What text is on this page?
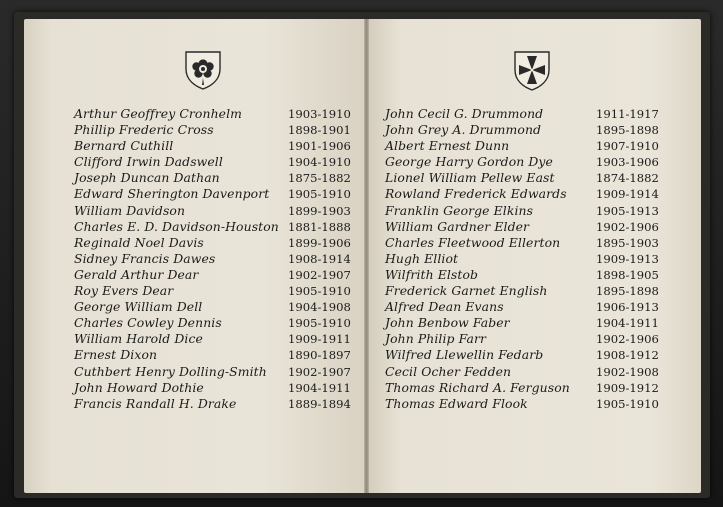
Arthur Geoffrey Cronhelm	1903-1910
Phillip Frederic Cross	1898-1901
Bernard Cuthill	1901-1906
Clifford Irwin Dadswell	1904-1910
Joseph Duncan Dathan	1875-1882
Edward Sherington Davenport 1905-1910
William Davidson	1899-1903
Charles E. D. Davidson-Houston 1881-1888
Reginald Noel Davis	1899-1906
Sidney Francis Dawes	1908-1914
Gerald Arthur Dear	1902-1907
Roy Evers Dear	1905-1910
George William Dell	1904-1908
Charles Cowley Dennis	1905-1910
William Harold Dice	1909-1911
Ernest Dixon	1890-1897
Cuthbert Henry Dolling-Smith 1902-1907
John Howard Dothie	1904-1911
Francis Randall H. Drake	1889-1894
John Cecil G. Drummond	1911-1917
John Grey A. Drummond	1895-1898
Albert Ernest Dunn	1907-1910
George Harry Gordon Dye	1903-1906
Lionel William Pellew East	1874-1882
Rowland Frederick Edwards	1909-1914
Franklin George Elkins	1905-1913
William Gardner Elder	1902-1906
Charles Fleetwood Ellerton	1895-1903
Hugh Elliot	1909-1913
Wilfrith Elstob	1898-1905
Frederick Garnet English	1895-1898
Alfred Dean Evans	1906-1913
John Benbow Faber	1904-1911
John Philip Farr	1902-1906
Wilfred Llewellin Fedarb	1908-1912
Cecil Ocher Fedden	1902-1908
Thomas Richard A. Ferguson 1909-1912
Thomas Edward Flook	1905-1910
